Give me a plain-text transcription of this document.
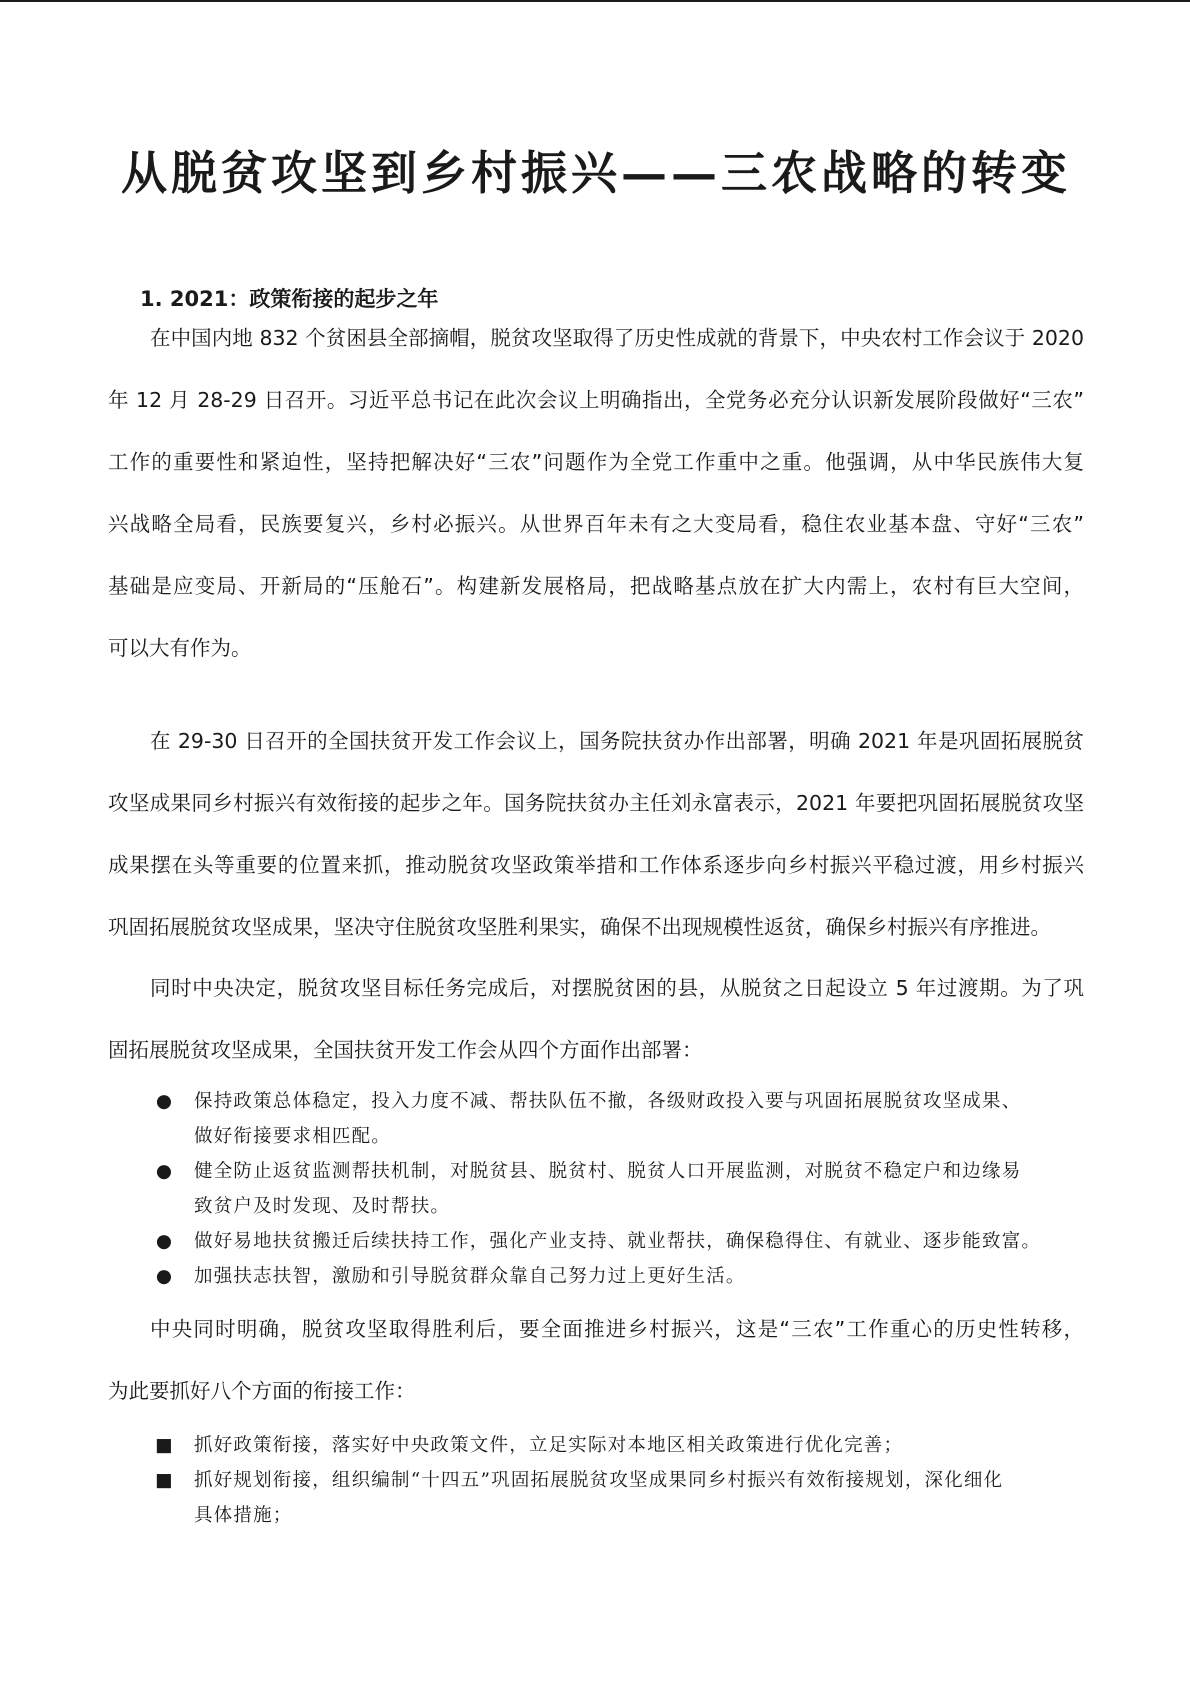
从脱贫攻坚到乡村振兴——三农战略的转变
1. 2021：政策衔接的起步之年
在中国内地 832 个贫困县全部摘帽，脱贫攻坚取得了历史性成就的背景下，中央农村工作会议于 2020
年 12 月 28-29 日召开。习近平总书记在此次会议上明确指出，全党务必充分认识新发展阶段做好“三农”
工作的重要性和紧迫性，坚持把解决好“三农”问题作为全党工作重中之重。他强调，从中华民族伟大复
兴战略全局看，民族要复兴，乡村必振兴。从世界百年未有之大变局看，稳住农业基本盘、守好“三农”
基础是应变局、开新局的“压舱石”。构建新发展格局，把战略基点放在扩大内需上，农村有巨大空间，
可以大有作为。
在 29-30 日召开的全国扶贫开发工作会议上，国务院扶贫办作出部署，明确 2021 年是巩固拓展脱贫
攻坚成果同乡村振兴有效衔接的起步之年。国务院扶贫办主任刘永富表示，2021 年要把巩固拓展脱贫攻坚
成果摆在头等重要的位置来抓，推动脱贫攻坚政策举措和工作体系逐步向乡村振兴平稳过渡，用乡村振兴
巩固拓展脱贫攻坚成果，坚决守住脱贫攻坚胜利果实，确保不出现规模性返贫，确保乡村振兴有序推进。
同时中央决定，脱贫攻坚目标任务完成后，对摆脱贫困的县，从脱贫之日起设立 5 年过渡期。为了巩
固拓展脱贫攻坚成果，全国扶贫开发工作会从四个方面作出部署：
● 保持政策总体稳定，投入力度不减、帮扶队伍不撤，各级财政投入要与巩固拓展脱贫攻坚成果、
做好衔接要求相匹配。
● 健全防止返贫监测帮扶机制，对脱贫县、脱贫村、脱贫人口开展监测，对脱贫不稳定户和边缘易
致贫户及时发现、及时帮扶。
● 做好易地扶贫搬迁后续扶持工作，强化产业支持、就业帮扶，确保稳得住、有就业、逐步能致富。
● 加强扶志扶智，激励和引导脱贫群众靠自己努力过上更好生活。
中央同时明确，脱贫攻坚取得胜利后，要全面推进乡村振兴，这是“三农”工作重心的历史性转移，
为此要抓好八个方面的衔接工作：
■ 抓好政策衔接，落实好中央政策文件，立足实际对本地区相关政策进行优化完善；
■ 抓好规划衔接，组织编制“十四五”巩固拓展脱贫攻坚成果同乡村振兴有效衔接规划，深化细化
具体措施；
